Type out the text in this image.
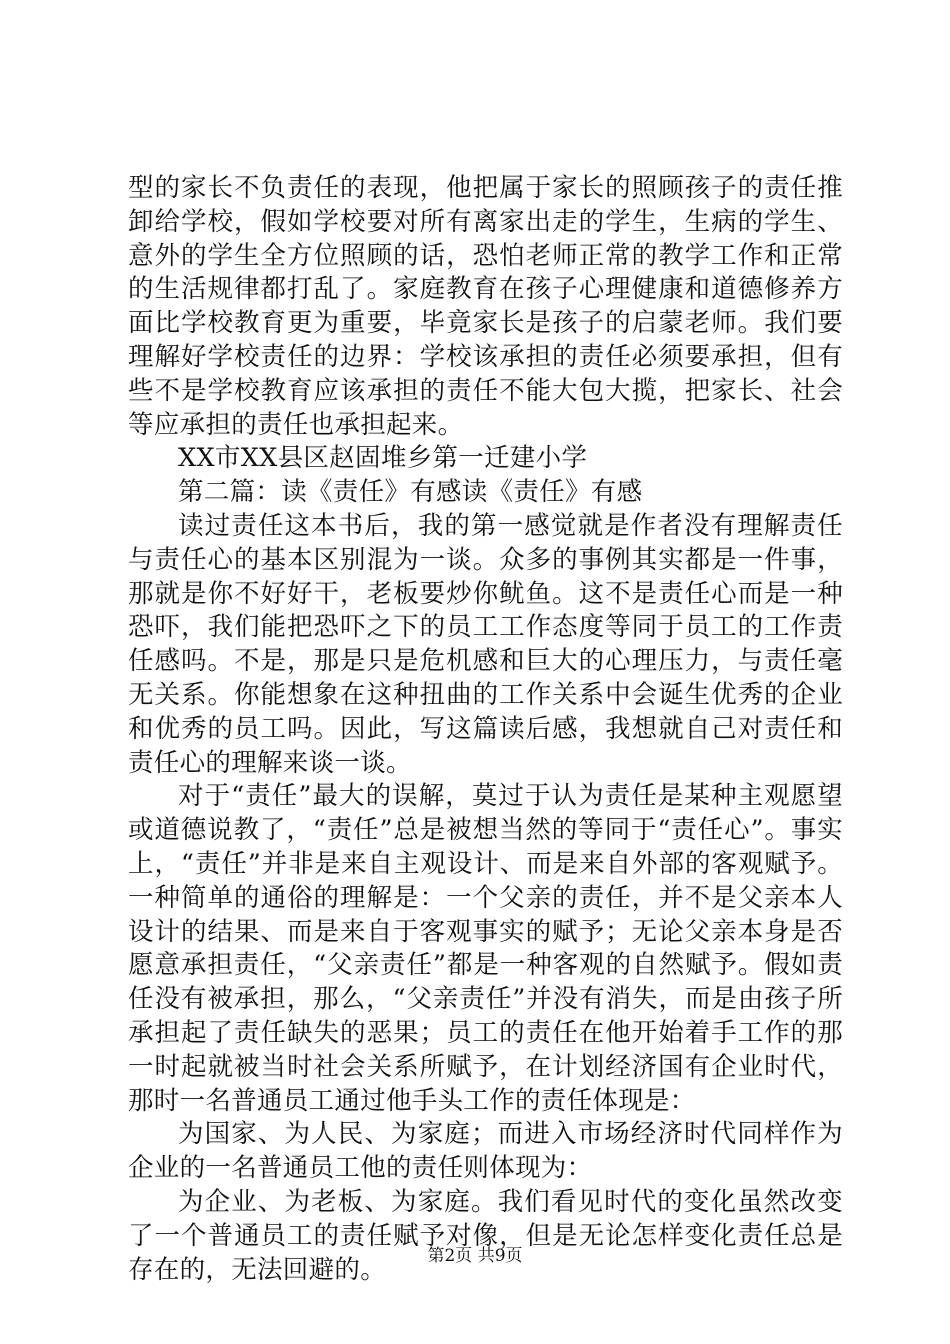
型的家长不负责任的表现，他把属于家长的照顾孩子的责任推卸给学校，假如学校要对所有离家出走的学生，生病的学生、意外的学生全方位照顾的话，恐怕老师正常的教学工作和正常的生活规律都打乱了。家庭教育在孩子心理健康和道德修养方面比学校教育更为重要，毕竟家长是孩子的启蒙老师。我们要理解好学校责任的边界：学校该承担的责任必须要承担，但有些不是学校教育应该承担的责任不能大包大揽，把家长、社会等应承担的责任也承担起来。

XX市XX县区赵固堆乡第一迁建小学

第二篇：读《责任》有感读《责任》有感

读过责任这本书后，我的第一感觉就是作者没有理解责任与责任心的基本区别混为一谈。众多的事例其实都是一件事，那就是你不好好干，老板要炒你鱿鱼。这不是责任心而是一种恐吓，我们能把恐吓之下的员工工作态度等同于员工的工作责任感吗。不是，那是只是危机感和巨大的心理压力，与责任毫无关系。你能想象在这种扭曲的工作关系中会诞生优秀的企业和优秀的员工吗。因此，写这篇读后感，我想就自己对责任和责任心的理解来谈一谈。

对于“责任”最大的误解，莫过于认为责任是某种主观愿望或道德说教了，“责任”总是被想当然的等同于“责任心”。事实上，“责任”并非是来自主观设计、而是来自外部的客观赋予。一种简单的通俗的理解是：一个父亲的责任，并不是父亲本人设计的结果、而是来自于客观事实的赋予；无论父亲本身是否愿意承担责任，“父亲责任”都是一种客观的自然赋予。假如责任没有被承担，那么，“父亲责任”并没有消失，而是由孩子所承担起了责任缺失的恶果；员工的责任在他开始着手工作的那一时起就被当时社会关系所赋予，在计划经济国有企业时代，那时一名普通员工通过他手头工作的责任体现是：

为国家、为人民、为家庭；而进入市场经济时代同样作为企业的一名普通员工他的责任则体现为：

为企业、为老板、为家庭。我们看见时代的变化虽然改变了一个普通员工的责任赋予对像，但是无论怎样变化责任总是存在的，无法回避的。	第2页 共9页
